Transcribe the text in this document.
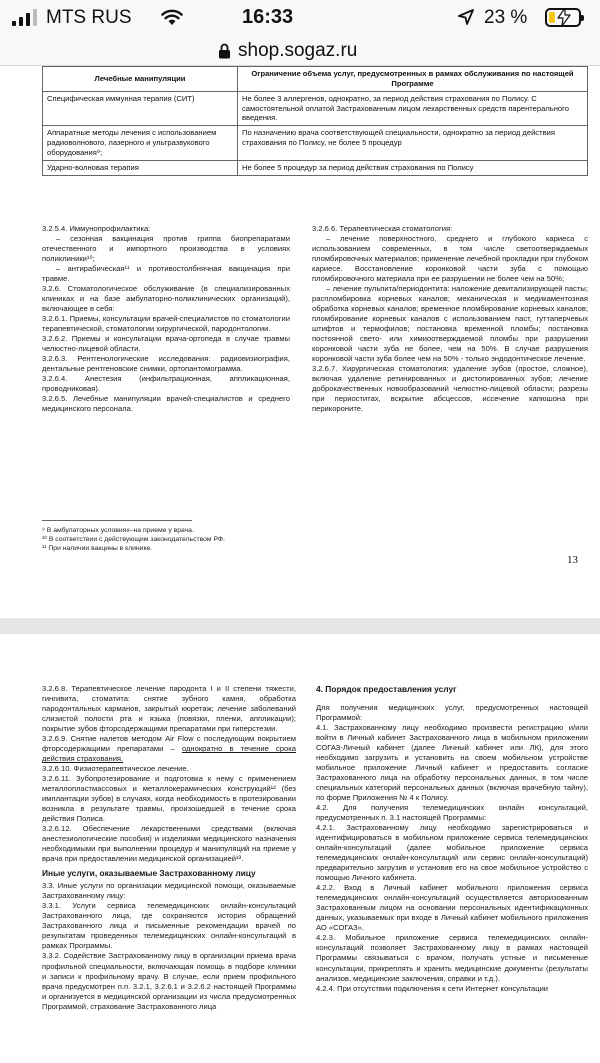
MTS RUS	16:33	23 %
shop.sogaz.ru
Лечебные манипуляции	Ограничение объема услуг, предусмотренных в рамках обслуживания по настоящей Программе
Специфическая иммунная терапия (СИТ)	Не более 3 аллергенов, однократно, за период действия страхования по Полису. С самостоятельной оплатой Застрахованным лицом лекарственных средств парентерального введения.
Аппаратные методы лечения с использованием радиоволнового, лазерного и ультразвукового оборудования⁹;	По назначению врача соответствующей специальности, однократно за период действия страхования по Полису, не более 5 процедур
Ударно-волновая терапия	Не более 5 процедур за период действия страхования по Полису

3.2.5.4. Иммунопрофилактика:

– сезонная вакцинация против гриппа биопрепаратами отечественного и импортного производства в условиях поликлиники¹⁰;

– антирабическая¹¹ и противостолбнячная вакцинация при травме.

3.2.6. Стоматологическое обслуживание (в специализированных клиниках и на базе амбулаторно-поликлинических организаций), включающее в себя:

3.2.6.1. Приемы, консультации врачей-специалистов по стоматологии терапевтической, стоматологии хирургической, пародонтологии.

3.2.6.2. Приемы и консультации врача-ортопеда в случае травмы челюстно-лицевой области.

3.2.6.3. Рентгенологические исследования: радиовизиография, дентальные рентгеновские снимки, ортопантомограмма.

3.2.6.4. Анестезия (инфильтрационная, аппликационная, проводниковая).

3.2.6.5. Лечебные манипуляции врачей-специалистов и среднего медицинского персонала.

3.2.6.6. Терапевтическая стоматология:

– лечение поверхностного, среднего и глубокого кариеса с использованием современных, в том числе светоотверждаемых пломбировочных материалов; применение лечебной прокладки при глубоком кариесе. Восстановление коронковой части зуба с помощью пломбировочного материала при ее разрушении не более чем на 50%;

– лечение пульпита/периодонтита: наложение девитализирующей пасты; распломбировка корневых каналов; механическая и медикаментозная обработка корневых каналов; временное пломбирование корневых каналов; пломбирование корневых каналов с использованием паст, гуттаперчевых штифтов и термофилов; постановка временной пломбы; постановка постоянной свето- или химиоотверждаемой пломбы при разрушении коронковой части зуба не более, чем на 50%. В случае разрушения коронковой части зуба более чем на 50% - только эндодонтическое лечение.

3.2.6.7. Хирургическая стоматология: удаление зубов (простое, сложное), включая удаление ретинированных и дистопированных зубов; лечение доброкачественных новообразований челюстно-лицевой области; разрезы при периоститах, вскрытие абсцессов, иссечение капюшона при перикороните.

⁹ В амбулаторных условиях–на приеме у врача.

¹⁰ В соответствии с действующим законодательством РФ.

¹¹ При наличии вакцины в клинике.

13

3.2.6.8. Терапевтическое лечение пародонта I и II степени тяжести, гингивита, стоматита: снятие зубного камня, обработка пародонтальных карманов, закрытый кюретаж; лечение заболеваний слизистой полости рта и языка (повязки, пленки, аппликации); покрытие зубов фторсодержащими препаратами при гиперстезии.

3.2.6.9. Снятие налетов методом Air Flow с последующим покрытием фторсодержащими препаратами – однократно в течение срока действия страхования.

3.2.6.10. Физиотерапевтическое лечение.

3.2.6.11. Зубопротезирование и подготовка к нему с применением металлопластмассовых и металлокерамических конструкций¹² (без имплантации зубов) в случаях, когда необходимость в протезировании возникла в результате травмы, произошедшей в течение срока действия Полиса.

3.2.6.12. Обеспечение лекарственными средствами (включая анестезиологические пособия) и изделиями медицинского назначения необходимыми при выполнении процедур и манипуляций на приеме у врача при предоставлении медицинской организацией¹³.

Иные услуги, оказываемые Застрахованному лицу

3.3. Иные услуги по организации медицинской помощи, оказываемые Застрахованному лицу:

3.3.1. Услуги сервиса телемедицинских онлайн-консультаций Застрахованного лица, где сохраняются история обращений Застрахованного лица и письменные рекомендации врачей по результатам проведенных телемедицинских онлайн-консультаций в рамках Программы.

3.3.2. Содействие Застрахованному лицу в организации приема врача профильной специальности, включающая помощь в подборе клиники и записи к профильному врачу. В случае, если прием профильного врача предусмотрен п.п. 3.2.1, 3.2.6.1 и 3.2.6.2 настоящей Программы и организуется в медицинской организации из числа предусмотренных Программой, страхование Застрахованного лица

4. Порядок предоставления услуг

Для получения медицинских услуг, предусмотренных настоящей Программой:

4.1. Застрахованному лицу необходимо произвести регистрацию и/или войти в Личный кабинет Застрахованного лица в мобильном приложении СОГАЗ-Личный кабинет (далее Личный кабинет или ЛК), для этого необходимо загрузить и установить на своем мобильном устройстве мобильное приложение Личный кабинет и предоставить согласие Застрахованного лица на обработку персональных данных, в том числе специальных категорий персональных данных (включая врачебную тайну), по форме Приложения № 4 к Полису.

4.2. Для получения телемедицинских онлайн консультаций, предусмотренных п. 3.1 настоящей Программы:

4.2.1. Застрахованному лицу необходимо зарегистрироваться и идентифицироваться в мобильном приложение сервиса телемедицинских онлайн-консультаций (далее мобильное приложение сервиса телемедицинских онлайн-консультаций или сервис онлайн-консультаций) предварительно загрузив и установив его на свое мобильное устройство с помощью Личного кабинета.

4.2.2. Вход в Личный кабинет мобильного приложения сервиса телемедицинских онлайн-консультаций осуществляется авторизованным Застрахованным лицом на основании персональных идентификационных данных, указываемых при входе в Личный кабинет мобильного приложения АО «СОГАЗ».

4.2.3. Мобильное приложение сервиса телемедицинских онлайн-консультаций позволяет Застрахованному лицу в рамках настоящей Программы связываться с врачом, получать устные и письменные консультации, прикреплять и хранить медицинские документы (результаты анализов, медицинские заключения, справки и т.д.).

4.2.4. При отсутствии подключения к сети Интернет консультации
